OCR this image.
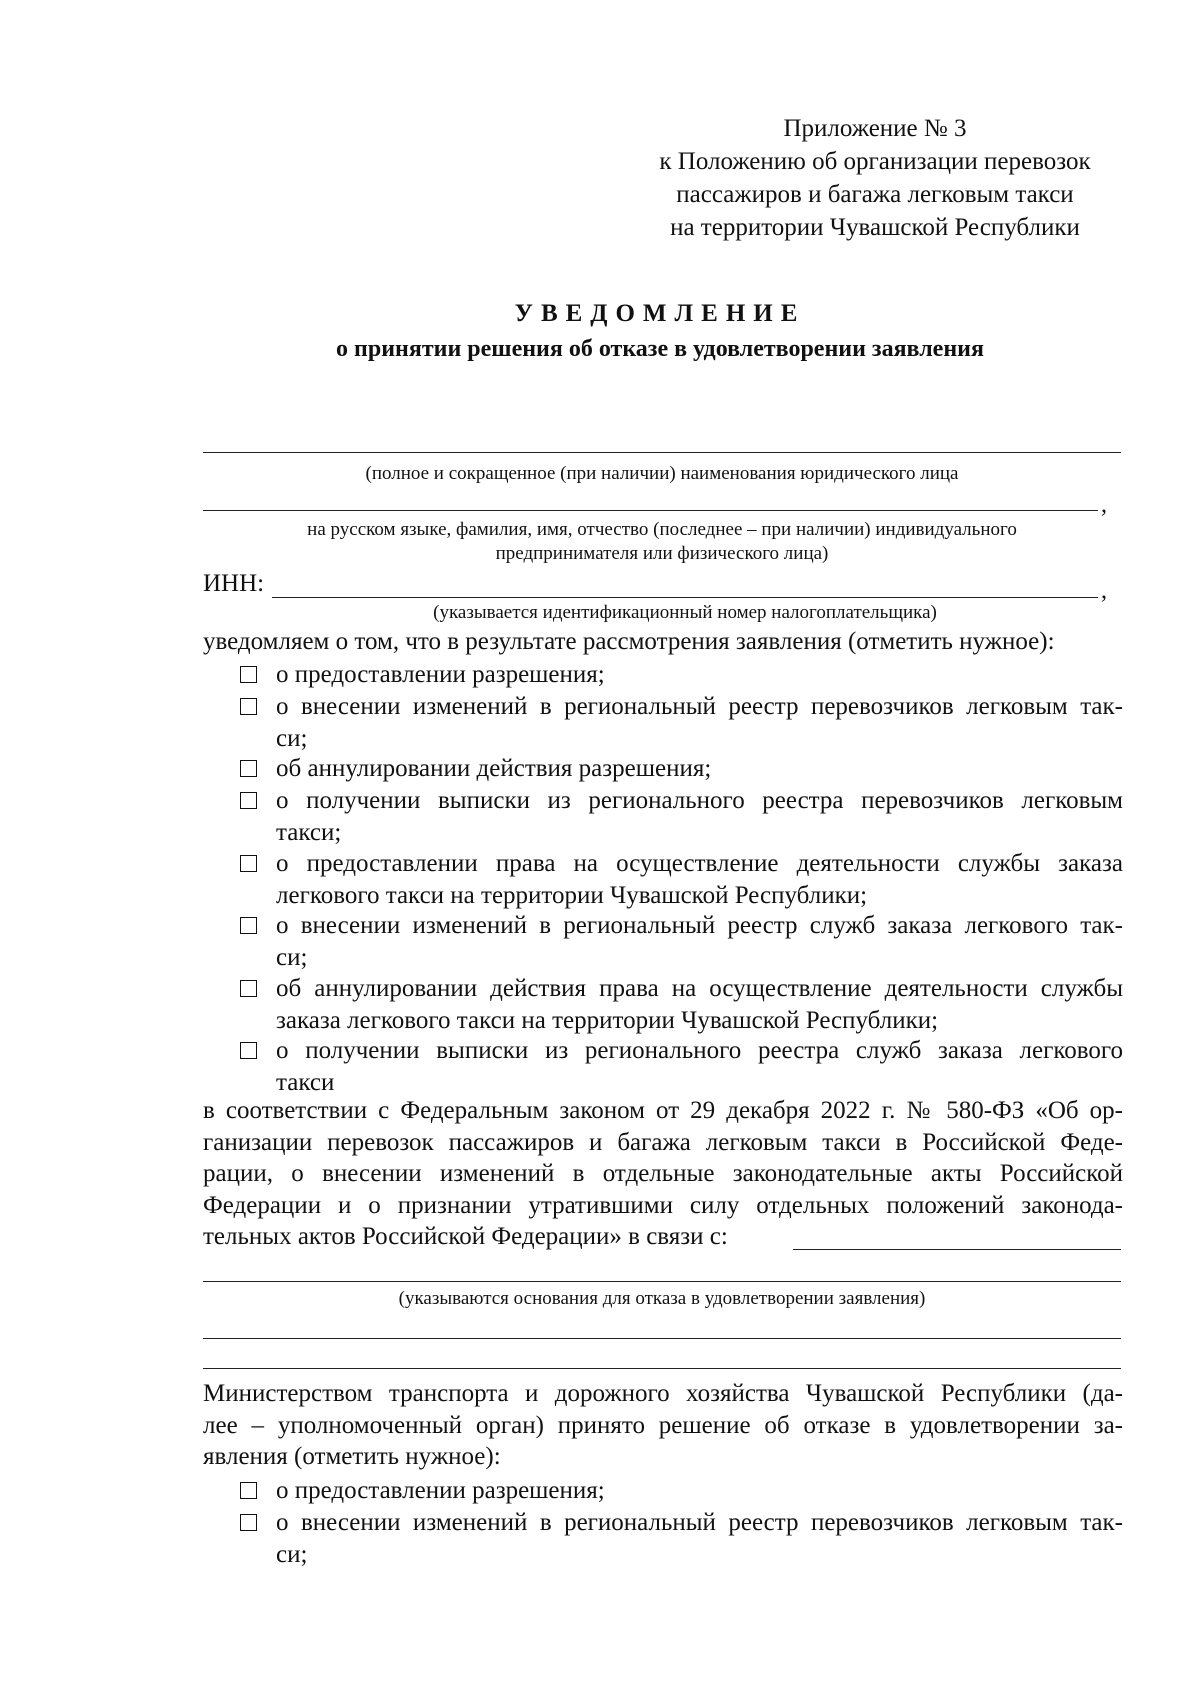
Приложение № 3
к Положению об организации перевозок
пассажиров и багажа легковым такси
на территории Чувашской Республики
УВЕДОМЛЕНИЕ
о принятии решения об отказе в удовлетворении заявления
(полное и сокращенное (при наличии) наименования юридического лица
,
на русском языке, фамилия, имя, отчество (последнее – при наличии) индивидуального
предпринимателя или физического лица)
ИНН:	,
(указывается идентификационный номер налогоплательщика)
уведомляем о том, что в результате рассмотрения заявления (отметить нужное):
о предоставлении разрешения;
о внесении изменений в региональный реестр перевозчиков легковым так-
си;
об аннулировании действия разрешения;
о получении выписки из регионального реестра перевозчиков легковым
такси;
о предоставлении права на осуществление деятельности службы заказа
легкового такси на территории Чувашской Республики;
о внесении изменений в региональный реестр служб заказа легкового так-
си;
об аннулировании действия права на осуществление деятельности службы
заказа легкового такси на территории Чувашской Республики;
о получении выписки из регионального реестра служб заказа легкового
такси
в соответствии с Федеральным законом от 29 декабря 2022 г. № 580-ФЗ «Об ор-
ганизации перевозок пассажиров и багажа легковым такси в Российской Феде-
рации, о внесении изменений в отдельные законодательные акты Российской
Федерации и о признании утратившими силу отдельных положений законода-
тельных актов Российской Федерации» в связи с:
(указываются основания для отказа в удовлетворении заявления)
Министерством транспорта и дорожного хозяйства Чувашской Республики (да-
лее – уполномоченный орган) принято решение об отказе в удовлетворении за-
явления (отметить нужное):
о предоставлении разрешения;
о внесении изменений в региональный реестр перевозчиков легковым так-
си;
